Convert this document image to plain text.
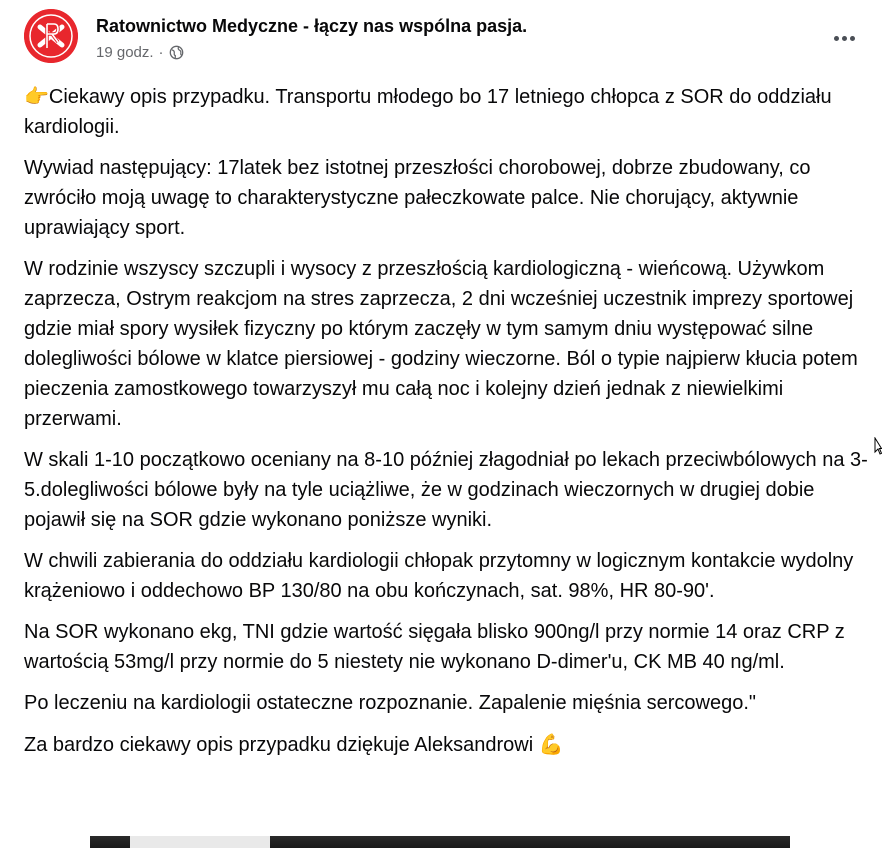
Ratownictwo Medyczne - łączy nas wspólna pasja.
19 godz. ·

👉Ciekawy opis przypadku. Transportu młodego bo 17 letniego chłopca z SOR do oddziału kardiologii.

Wywiad następujący: 17latek bez istotnej przeszłości chorobowej, dobrze zbudowany, co zwróciło moją uwagę to charakterystyczne pałeczkowate palce. Nie chorujący, aktywnie uprawiający sport.

W rodzinie wszyscy szczupli i wysocy z przeszłością kardiologiczną - wieńcową. Używkom zaprzecza, Ostrym reakcjom na stres zaprzecza, 2 dni wcześniej uczestnik imprezy sportowej gdzie miał spory wysiłek fizyczny po którym zaczęły w tym samym dniu występować silne dolegliwości bólowe w klatce piersiowej - godziny wieczorne. Ból o typie najpierw kłucia potem pieczenia zamostkowego towarzyszył mu całą noc i kolejny dzień jednak z niewielkimi przerwami.

W skali 1-10 początkowo oceniany na 8-10 później złagodniał po lekach przeciwbólowych na 3-5.dolegliwości bólowe były na tyle uciążliwe, że w godzinach wieczornych w drugiej dobie pojawił się na SOR gdzie wykonano poniższe wyniki.

W chwili zabierania do oddziału kardiologii chłopak przytomny w logicznym kontakcie wydolny krążeniowo i oddechowo BP 130/80 na obu kończynach, sat. 98%, HR 80-90'.

Na SOR wykonano ekg, TNI gdzie wartość sięgała blisko 900ng/l przy normie 14 oraz CRP z wartością 53mg/l przy normie do 5 niestety nie wykonano D-dimer'u, CK MB 40 ng/ml.

Po leczeniu na kardiologii ostateczne rozpoznanie. Zapalenie mięśnia sercowego."

Za bardzo ciekawy opis przypadku dziękuje Aleksandrowi 💪
